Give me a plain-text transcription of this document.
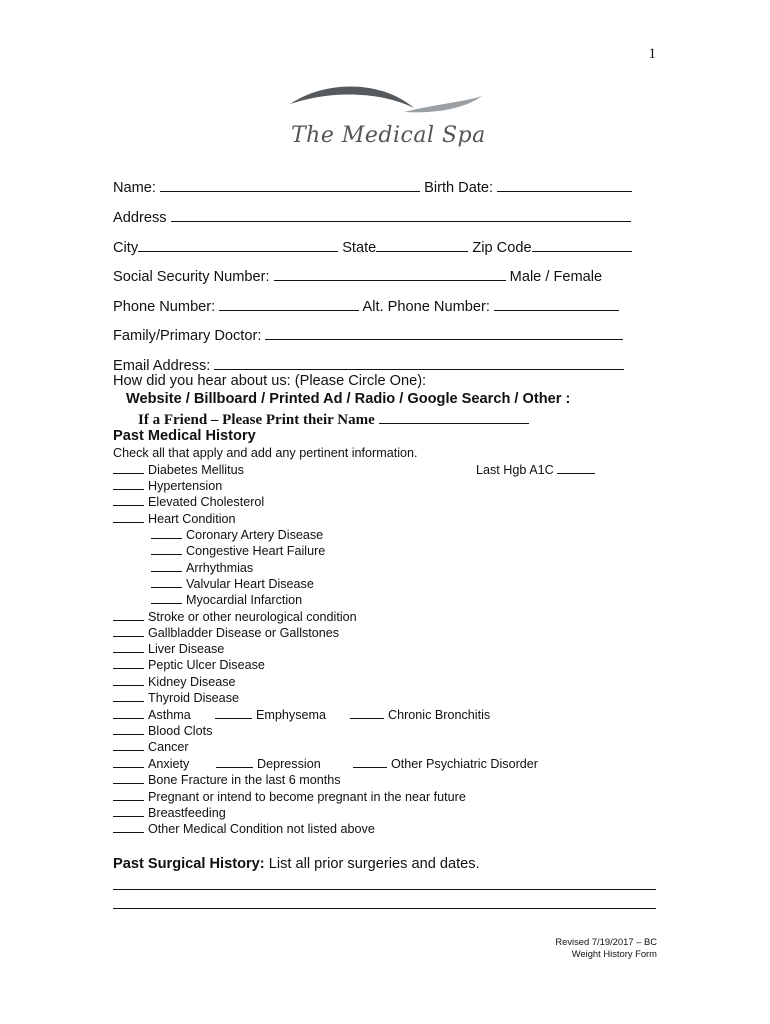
1
The Medical Spa
Name:	Birth Date:
Address
City	State	Zip Code
Social Security Number:	Male / Female
Phone Number:	Alt. Phone Number:
Family/Primary Doctor:
Email Address:
How did you hear about us: (Please Circle One):
Website / Billboard / Printed Ad / Radio / Google Search / Other :
If a Friend – Please Print their Name
Past Medical History
Check all that apply and add any pertinent information.
Diabetes Mellitus	Last Hgb A1C
Hypertension
Elevated Cholesterol
Heart Condition
Coronary Artery Disease
Congestive Heart Failure
Arrhythmias
Valvular Heart Disease
Myocardial Infarction
Stroke or other neurological condition
Gallbladder Disease or Gallstones
Liver Disease
Peptic Ulcer Disease
Kidney Disease
Thyroid Disease
Asthma	Emphysema	Chronic Bronchitis
Blood Clots
Cancer
Anxiety	Depression	Other Psychiatric Disorder
Bone Fracture in the last 6 months
Pregnant or intend to become pregnant in the near future
Breastfeeding
Other Medical Condition not listed above
Past Surgical History: List all prior surgeries and dates.
Revised 7/19/2017 – BC
Weight History Form
